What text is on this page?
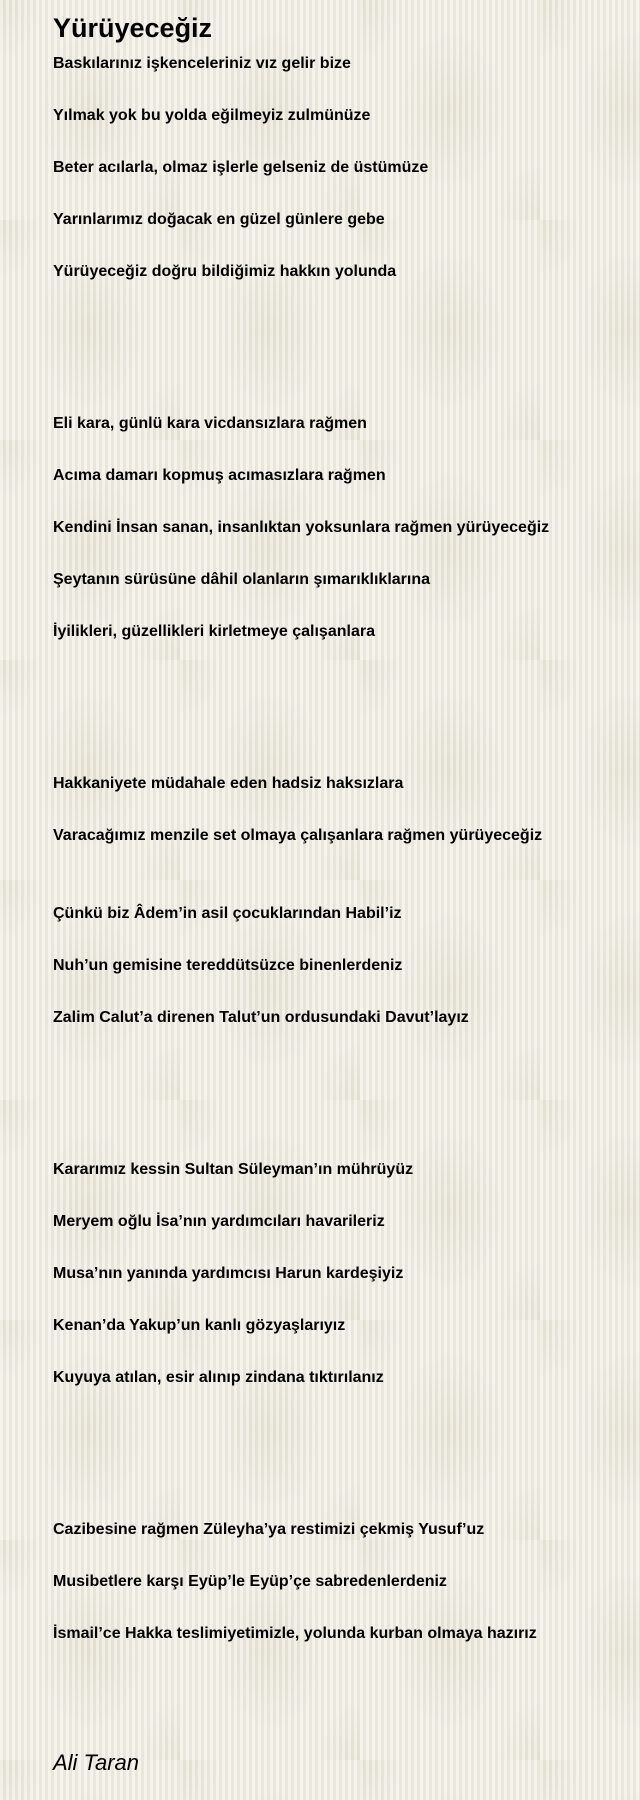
Yürüyeceğiz
Baskılarınız işkenceleriniz vız gelir bize
Yılmak yok bu yolda eğilmeyiz zulmünüze
Beter acılarla, olmaz işlerle gelseniz de üstümüze
Yarınlarımız doğacak en güzel günlere gebe
Yürüyeceğiz doğru bildiğimiz hakkın yolunda
Eli kara, günlü kara vicdansızlara rağmen
Acıma damarı kopmuş acımasızlara rağmen
Kendini İnsan sanan, insanlıktan yoksunlara rağmen yürüyeceğiz
Şeytanın sürüsüne dâhil olanların şımarıklıklarına
İyilikleri, güzellikleri kirletmeye çalışanlara
Hakkaniyete müdahale eden hadsiz haksızlara
Varacağımız menzile set olmaya çalışanlara rağmen yürüyeceğiz
Çünkü biz Âdem’in asil çocuklarından Habil’iz
Nuh’un gemisine tereddütsüzce binenlerdeniz
Zalim Calut’a direnen Talut’un ordusundaki Davut’layız
Kararımız kessin Sultan Süleyman’ın mührüyüz
Meryem oğlu İsa’nın yardımcıları havarileriz
Musa’nın yanında yardımcısı Harun kardeşiyiz
Kenan’da Yakup’un kanlı gözyaşlarıyız
Kuyuya atılan, esir alınıp zindana tıktırılanız
Cazibesine rağmen Züleyha’ya restimizi çekmiş Yusuf’uz
Musibetlere karşı Eyüp’le Eyüp’çe sabredenlerdeniz
İsmail’ce Hakka teslimiyetimizle, yolunda kurban olmaya hazırız
Ali Taran
